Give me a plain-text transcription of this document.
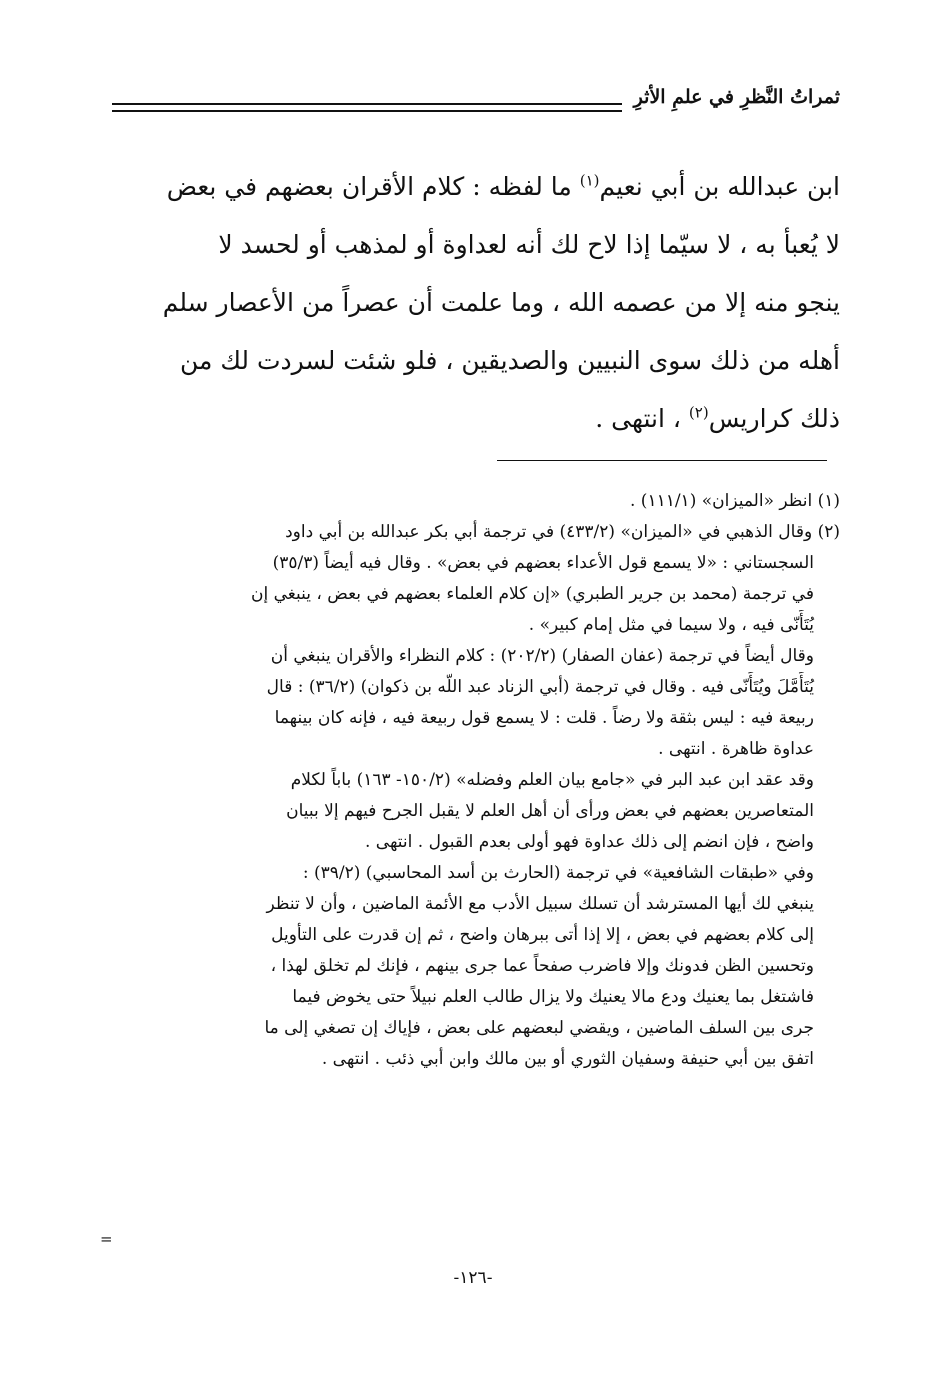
ثمراتُ النَّظرِ في علمِ الأثرِ
ابن عبدالله بن أبي نعيم$^{(١)}$ ما لفظه : كلام الأقران بعضهم في بعض
لا يُعبأ به ، لا سيّما إذا لاح لك أنه لعداوة أو لمذهب أو لحسد لا
ينجو منه إلا من عصمه الله ، وما علمت أن عصراً من الأعصار سلم
أهله من ذلك سوى النبيين والصديقين ، فلو شئت لسردت لك من
ذلك كراريس$^{(٢)}$ ، انتهى .
(١) انظر «الميزان» (١١١/١) .
(٢) وقال الذهبي في «الميزان» (٤٣٣/٢) في ترجمة أبي بكر عبدالله بن أبي داود
السجستاني : «لا يسمع قول الأعداء بعضهم في بعض» . وقال فيه أيضاً (٣٥/٣)
في ترجمة (محمد بن جرير الطبري) «إن كلام العلماء بعضهم في بعض ، ينبغي إن
يُتَأَنّى فيه ، ولا سيما في مثل إمام كبير» .
وقال أيضاً في ترجمة (عفان الصفار) (٢٠٢/٢) : كلام النظراء والأقران ينبغي أن
يُتَأَمَّلَ ويُتَأَنّى فيه . وقال في ترجمة (أبي الزناد عبد اللّه بن ذكوان) (٣٦/٢) : قال
ربيعة فيه : ليس بثقة ولا رضاً . قلت : لا يسمع قول ربيعة فيه ، فإنه كان بينهما
عداوة ظاهرة . انتهى .
وقد عقد ابن عبد البر في «جامع بيان العلم وفضله» (١٥٠/٢- ١٦٣) باباً لكلام
المتعاصرين بعضهم في بعض ورأى أن أهل العلم لا يقبل الجرح فيهم إلا ببيان
واضح ، فإن انضم إلى ذلك عداوة فهو أولى بعدم القبول . انتهى .
وفي «طبقات الشافعية» في ترجمة (الحارث بن أسد المحاسبي) (٣٩/٢) :
ينبغي لك أيها المسترشد أن تسلك سبيل الأدب مع الأئمة الماضين ، وأن لا تنظر
إلى كلام بعضهم في بعض ، إلا إذا أتى ببرهان واضح ، ثم إن قدرت على التأويل
وتحسين الظن فدونك وإلا فاضرب صفحاً عما جرى بينهم ، فإنك لم تخلق لهذا ،
فاشتغل بما يعنيك ودع مالا يعنيك ولا يزال طالب العلم نبيلاً حتى يخوض فيما
جرى بين السلف الماضين ، ويقضي لبعضهم على بعض ، فإياك إن تصغي إلى ما
اتفق بين أبي حنيفة وسفيان الثوري أو بين مالك وابن أبي ذئب . انتهى .
=
-١٢٦-
